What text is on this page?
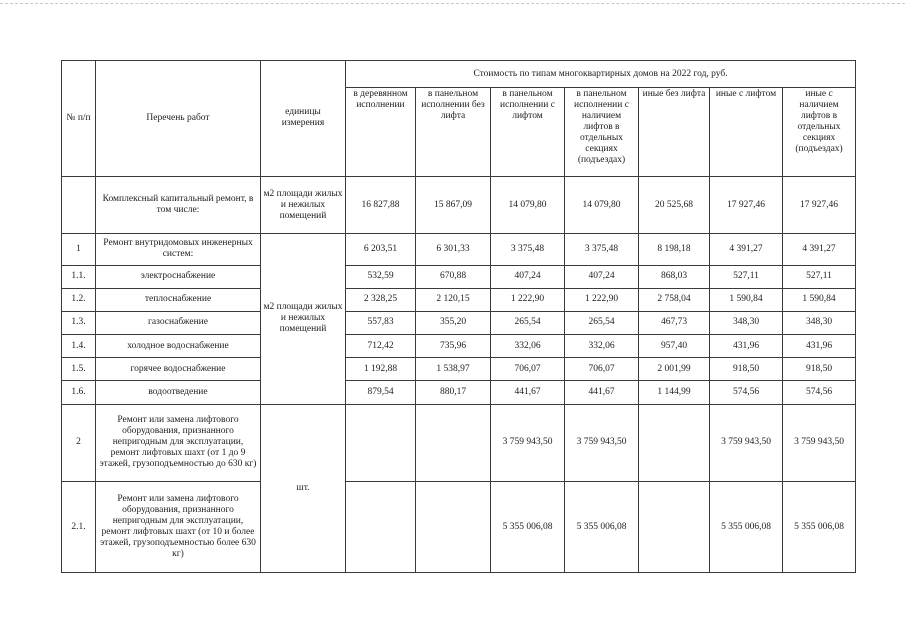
№ п/п	Перечень работ	единицы измерения	Стоимость по типам многоквартирных домов на 2022 год, руб.						
			в деревянном исполнении	в панельном исполнении без лифта	в панельном исполнении с лифтом	в панельном исполнении с наличием лифтов в отдельных секциях (подъездах)	иные без лифта	иные с лифтом	иные с наличием лифтов в отдельных секциях (подъездах)
	Комплексный капитальный ремонт, в том числе:	м2 площади жилых и нежилых помещений	16 827,88	15 867,09	14 079,80	14 079,80	20 525,68	17 927,46	17 927,46
1	Ремонт внутридомовых инженерных систем:	м2 площади жилых и нежилых помещений	6 203,51	6 301,33	3 375,48	3 375,48	8 198,18	4 391,27	4 391,27
1.1.	электроснабжение		532,59	670,88	407,24	407,24	868,03	527,11	527,11
1.2.	теплоснабжение		2 328,25	2 120,15	1 222,90	1 222,90	2 758,04	1 590,84	1 590,84
1.3.	газоснабжение		557,83	355,20	265,54	265,54	467,73	348,30	348,30
1.4.	холодное водоснабжение		712,42	735,96	332,06	332,06	957,40	431,96	431,96
1.5.	горячее водоснабжение		1 192,88	1 538,97	706,07	706,07	2 001,99	918,50	918,50
1.6.	водоотведение		879,54	880,17	441,67	441,67	1 144,99	574,56	574,56
2	Ремонт или замена лифтового оборудования, признанного непригодным для эксплуатации, ремонт лифтовых шахт (от 1 до 9 этажей, грузоподъемностью до 630 кг)	шт.			3 759 943,50	3 759 943,50		3 759 943,50	3 759 943,50
2.1.	Ремонт или замена лифтового оборудования, признанного непригодным для эксплуатации, ремонт лифтовых шахт (от 10 и более этажей, грузоподъемностью более 630 кг)				5 355 006,08	5 355 006,08		5 355 006,08	5 355 006,08
